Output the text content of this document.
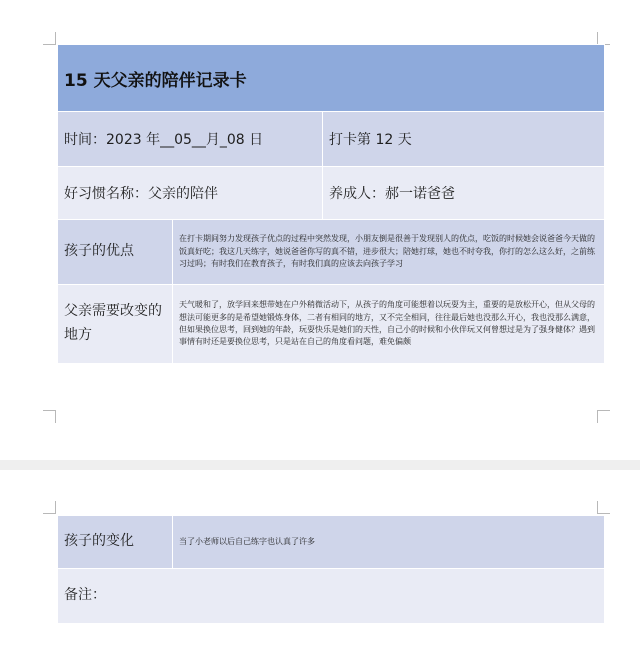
15 天父亲的陪伴记录卡		
时间：2023 年__05__月_08 日		打卡第 12 天
好习惯名称：父亲的陪伴		养成人：郝一诺爸爸
孩子的优点	在打卡期间努力发现孩子优点的过程中突然发现，小朋友倒是很善于发现别人的优点，吃饭的时候她会说爸爸今天做的饭真好吃；我这几天练字，她说爸爸你写的真不错，进步很大；陪她打球，她也不时夸我，你打的怎么这么好，之前练习过吗；有时我们在教育孩子，有时我们真的应该去向孩子学习	
父亲需要改变的地方	天气暖和了，放学回来想带她在户外稍微活动下，从孩子的角度可能想着以玩耍为主，重要的是放松开心，但从父母的想法可能更多的是希望她锻炼身体，二者有相同的地方，又不完全相同，往往最后她也没那么开心，我也没那么满意，但如果换位思考，回到她的年龄，玩耍快乐是她们的天性，自己小的时候和小伙伴玩又何曾想过是为了强身健体？遇到事情有时还是要换位思考，只是站在自己的角度看问题，难免偏颇	
孩子的变化	当了小老师以后自己练字也认真了许多
备注：
